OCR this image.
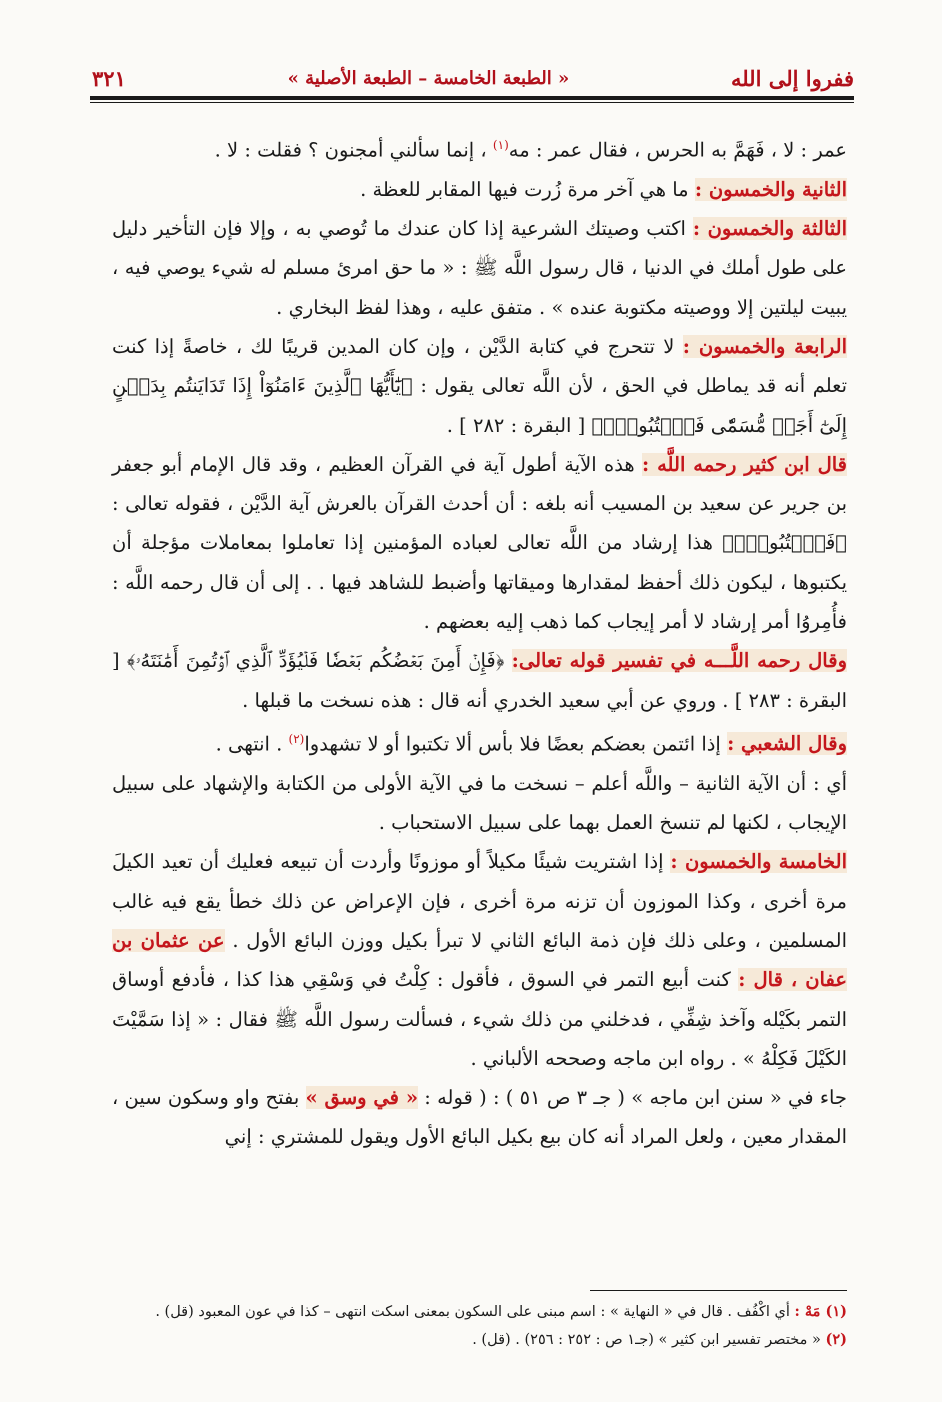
ففروا إلى الله
« الطبعة الخامسة – الطبعة الأصلية »
٣٢١

عمر : لا ، فَهَمَّ به الحرس ، فقال عمر : مه$^{(١)}$ ، إنما سألني أمجنون ؟ فقلت : لا .

الثانية والخمسون : ما هي آخر مرة زُرت فيها المقابر للعظة .

الثالثة والخمسون : اكتب وصيتك الشرعية إذا كان عندك ما تُوصي به ، وإلا فإن التأخير دليل على طول أملك في الدنيا ، قال رسول اللَّه ﷺ : « ما حق امرئ مسلم له شيء يوصي فيه ، يبيت ليلتين إلا ووصيته مكتوبة عنده » . متفق عليه ، وهذا لفظ البخاري .

الرابعة والخمسون : لا تتحرج في كتابة الدَّيْن ، وإن كان المدين قريبًا لك ، خاصةً إذا كنت تعلم أنه قد يماطل في الحق ، لأن اللَّه تعالى يقول : ﴿يَٰٓأَيُّهَا ٱلَّذِينَ ءَامَنُوٓاْ إِذَا تَدَايَنتُم بِدَيۡنٍ إِلَىٰٓ أَجَلٖ مُّسَمّٗى فَٱكۡتُبُوهُۚ﴾ [ البقرة : ٢٨٢ ] .

قال ابن كثير رحمه اللَّه : هذه الآية أطول آية في القرآن العظيم ، وقد قال الإمام أبو جعفر بن جرير عن سعيد بن المسيب أنه بلغه : أن أحدث القرآن بالعرش آية الدَّيْن ، فقوله تعالى : ﴿فَٱكۡتُبُوهُۚ﴾ هذا إرشاد من اللَّه تعالى لعباده المؤمنين إذا تعاملوا بمعاملات مؤجلة أن يكتبوها ، ليكون ذلك أحفظ لمقدارها وميقاتها وأضبط للشاهد فيها . . إلى أن قال رحمه اللَّه : فأُمِروُا أمر إرشاد لا أمر إيجاب كما ذهب إليه بعضهم .

وقال رحمه اللَّـــه في تفسير قوله تعالى: ﴿فَإِنۡ أَمِنَ بَعۡضُكُم بَعۡضٗا فَلۡيُؤَدِّ ٱلَّذِي ٱؤۡتُمِنَ أَمَٰنَتَهُۥ﴾ [ البقرة : ٢٨٣ ] . وروي عن أبي سعيد الخدري أنه قال : هذه نسخت ما قبلها .

وقال الشعبي : إذا ائتمن بعضكم بعضًا فلا بأس ألا تكتبوا أو لا تشهدوا$^{(٢)}$ . انتهى .

أي : أن الآية الثانية – واللَّه أعلم – نسخت ما في الآية الأولى من الكتابة والإشهاد على سبيل الإيجاب ، لكنها لم تنسخ العمل بهما على سبيل الاستحباب .

الخامسة والخمسون : إذا اشتريت شيئًا مكيلاً أو موزونًا وأردت أن تبيعه فعليك أن تعيد الكيلَ مرة أخرى ، وكذا الموزون أن تزنه مرة أخرى ، فإن الإعراض عن ذلك خطأ يقع فيه غالب المسلمين ، وعلى ذلك فإن ذمة البائع الثاني لا تبرأ بكيل ووزن البائع الأول . عن عثمان بن عفان ، قال : كنت أبيع التمر في السوق ، فأقول : كِلْتُ في وَسْقِي هذا كذا ، فأدفع أوساق التمر بكَيْله وآخذ شِفِّي ، فدخلني من ذلك شيء ، فسألت رسول اللَّه ﷺ فقال : « إذا سَمَّيْتَ الكَيْلَ فَكِلْهُ » . رواه ابن ماجه وصححه الألباني .

جاء في « سنن ابن ماجه » ( جـ ٣ ص ٥١ ) : ( قوله : « في وسق » بفتح واو وسكون سين ، المقدار معين ، ولعل المراد أنه كان بيع بكيل البائع الأول ويقول للمشتري : إني

(١) مَهْ : أي اكْفُف . قال في « النهاية » : اسم مبنى على السكون بمعنى اسكت انتهى – كذا في عون المعبود (قل) .

(٢) « مختصر تفسير ابن كثير » (جـ١ ص : ٢٥٢ : ٢٥٦) . (قل) .
